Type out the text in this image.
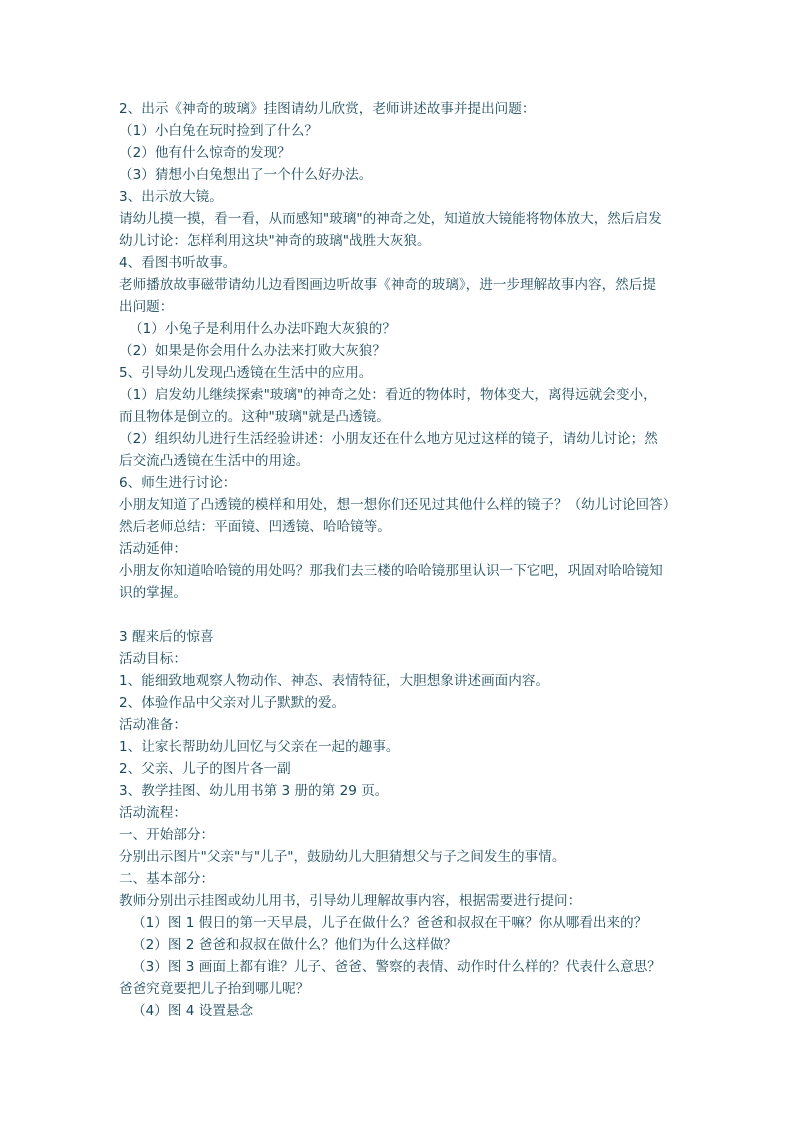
2、出示《神奇的玻璃》挂图请幼儿欣赏，老师讲述故事并提出问题：
（1）小白兔在玩时捡到了什么？
（2）他有什么惊奇的发现？
（3）猜想小白兔想出了一个什么好办法。
3、出示放大镜。
请幼儿摸一摸，看一看，从而感知"玻璃"的神奇之处，知道放大镜能将物体放大，然后启发
幼儿讨论：怎样利用这块"神奇的玻璃"战胜大灰狼。
4、看图书听故事。
老师播放故事磁带请幼儿边看图画边听故事《神奇的玻璃》，进一步理解故事内容，然后提
出问题：
（1）小兔子是利用什么办法吓跑大灰狼的？
（2）如果是你会用什么办法来打败大灰狼？
5、引导幼儿发现凸透镜在生活中的应用。
（1）启发幼儿继续探索"玻璃"的神奇之处：看近的物体时，物体变大，离得远就会变小，
而且物体是倒立的。这种"玻璃"就是凸透镜。
（2）组织幼儿进行生活经验讲述：小朋友还在什么地方见过这样的镜子，请幼儿讨论；然
后交流凸透镜在生活中的用途。
6、师生进行讨论：
小朋友知道了凸透镜的模样和用处，想一想你们还见过其他什么样的镜子？（幼儿讨论回答）
然后老师总结：平面镜、凹透镜、哈哈镜等。
活动延伸：
小朋友你知道哈哈镜的用处吗？那我们去三楼的哈哈镜那里认识一下它吧，巩固对哈哈镜知
识的掌握。
3 醒来后的惊喜
活动目标：
1、能细致地观察人物动作、神态、表情特征，大胆想象讲述画面内容。
2、体验作品中父亲对儿子默默的爱。
活动准备：
1、让家长帮助幼儿回忆与父亲在一起的趣事。
2、父亲、儿子的图片各一副
3、教学挂图、幼儿用书第 3 册的第 29 页。
活动流程：
一、开始部分：
分别出示图片"父亲"与"儿子"，鼓励幼儿大胆猜想父与子之间发生的事情。
二、基本部分：
教师分别出示挂图或幼儿用书，引导幼儿理解故事内容，根据需要进行提问：
（1）图 1 假日的第一天早晨，儿子在做什么？爸爸和叔叔在干嘛？你从哪看出来的？
（2）图 2 爸爸和叔叔在做什么？他们为什么这样做？
（3）图 3 画面上都有谁？儿子、爸爸、警察的表情、动作时什么样的？代表什么意思？
爸爸究竟要把儿子抬到哪儿呢？
（4）图 4 设置悬念
